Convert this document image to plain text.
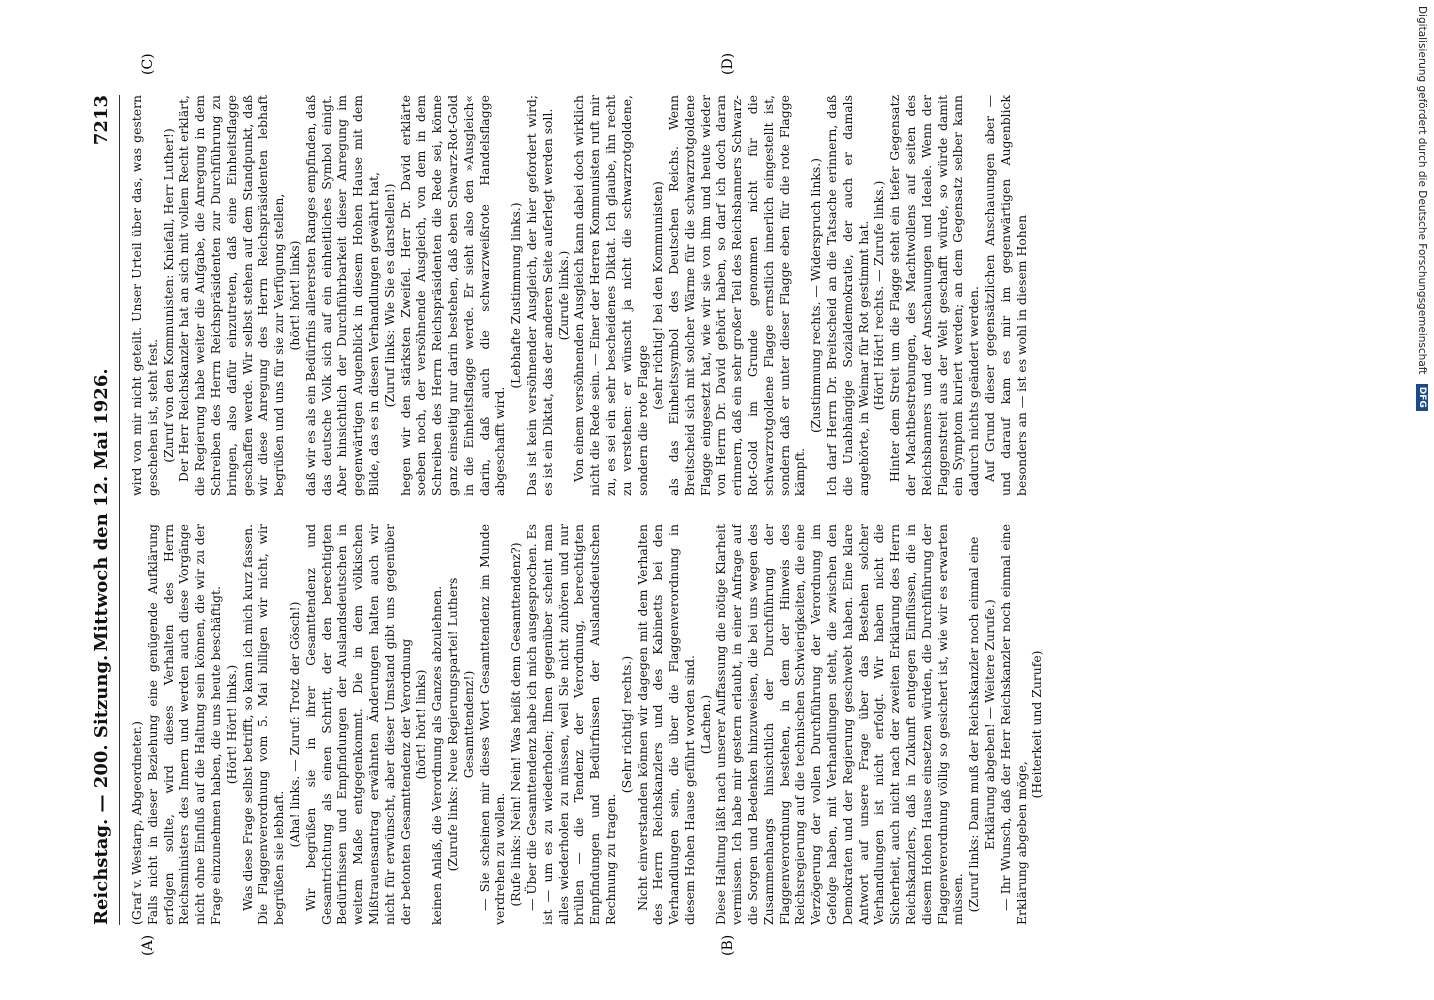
Reichstag. — 200. Sitzung.
Mittwoch den 12. Mai 1926.
7213

(Graf v. Westarp, Abgeordneter.) Falls nicht in dieser Beziehung eine genügende Aufklärung erfolgen sollte, wird dieses Verhalten des Herrn Reichsministers des Innern und werden auch diese Vorgänge nicht ohne Einfluß auf die Haltung sein können, die wir zu der Frage einzunehmen haben, die uns heute beschäftigt. (Hört! Hört! links.) Was diese Frage selbst betrifft, so kann ich mich kurz fassen. Die Flaggenverordnung vom 5. Mai billigen wir nicht, wir begrüßen sie lebhaft.

(Aha! links. — Zuruf: Trotz der Gösch!) Wir begrüßen sie in ihrer Gesamttendenz und Gesamtrichtung als einen Schritt, der den berechtigten Bedürfnissen und Empfindungen der Auslandsdeutschen in weitem Maße entgegenkommt. Die in dem völkischen Mißtrauensantrag erwähnten Änderungen halten auch wir nicht für erwünscht, aber dieser Umstand gibt uns gegenüber der betonten Gesamttendenz der Verordnung (hört! hört! links) keinen Anlaß, die Verordnung als Ganzes abzulehnen. (Zurufe links: Neue Regierungspartei! Luthers Gesamttendenz!) — Sie scheinen mir dieses Wort Gesamttendenz im Munde verdrehen zu wollen. (Rufe links: Nein! Nein! Was heißt denn Gesamttendenz?) — Über die Gesamttendenz habe ich mich ausgesprochen. Es ist — um es zu wiederholen; Ihnen gegenüber scheint man alles wiederholen zu müssen, weil Sie nicht zuhören und nur brüllen — die Tendenz der Verordnung, berechtigten Empfindungen und Bedürfnissen der Auslandsdeutschen Rechnung zu tragen.

(Sehr richtig! rechts.) Nicht einverstanden können wir dagegen mit dem Verhalten des Herrn Reichskanzlers und des Kabinetts bei den Verhandlungen sein, die über die Flaggenverordnung in diesem Hohen Hause geführt worden sind. (Lachen.) Diese Haltung läßt nach unserer Auffassung die nötige Klarheit vermissen. Ich habe mir gestern erlaubt, in einer Anfrage auf die Sorgen und Bedenken hinzuweisen, die bei uns wegen des Zusammenhangs hinsichtlich der Durchführung der Flaggenverordnung bestehen, in dem der Hinweis des Reichsregierung auf die technischen Schwierigkeiten, die eine Verzögerung der vollen Durchführung der Verordnung im Gefolge haben, mit Verhandlungen steht, die zwischen den Demokraten und der Regierung geschwebt haben. Eine klare Antwort auf unsere Frage über das Bestehen solcher Verhandlungen ist nicht erfolgt. Wir haben nicht die Sicherheit, auch nicht nach der zweiten Erklärung des Herrn Reichskanzlers, daß in Zukunft entgegen Einflüssen, die in diesem Hohen Hause einsetzen würden, die Durchführung der Flaggenverordnung völlig so gesichert ist, wie wir es erwarten müssen. (Zuruf links: Dann muß der Reichskanzler noch einmal eine Erklärung abgeben! — Weitere Zurufe.) — Ihr Wunsch, daß der Herr Reichskanzler noch einmal eine Erklärung abgeben möge,

(Heiterkeit und Zurufe)

wird von mir nicht geteilt. Unser Urteil über das, was gestern geschehen ist, steht fest. (Zuruf von den Kommunisten: Kniefall, Herr Luther!) Der Herr Reichskanzler hat an sich mit vollem Recht erklärt, die Regierung habe weiter die Aufgabe, die Anregung in dem Schreiben des Herrn Reichspräsidenten zur Durchführung zu bringen, also dafür einzutreten, daß eine Einheitsflagge geschaffen werde. Wir selbst stehen auf dem Standpunkt, daß wir diese Anregung des Herrn Reichspräsidenten lebhaft begrüßen und uns für sie zur Verfügung stellen, (hört! hört! links) daß wir es als ein Bedürfnis allerersten Ranges empfinden, daß das deutsche Volk sich auf ein einheitliches Symbol einigt. Aber hinsichtlich der Durchführbarkeit dieser Anregung im gegenwärtigen Augenblick in diesem Hohen Hause mit dem Bilde, das es in diesen Verhandlungen gewährt hat, (Zuruf links: Wie Sie es darstellen!) hegen wir den stärksten Zweifel. Herr Dr. David erklärte soeben noch, der versöhnende Ausgleich, von dem in dem Schreiben des Herrn Reichspräsidenten die Rede sei, könne ganz einseitig nur darin bestehen, daß eben Schwarz-Rot-Gold in die Einheitsflagge werde. Er sieht also den »Ausgleich« darin, daß auch die schwarzweißrote Handelsflagge abgeschafft wird.

(Lebhafte Zustimmung links.) Das ist kein versöhnender Ausgleich, der hier gefordert wird; es ist ein Diktat, das der anderen Seite auferlegt werden soll. (Zurufe links.) Von einem versöhnenden Ausgleich kann dabei doch wirklich nicht die Rede sein. — Einer der Herren Kommunisten ruft mir zu, es sei ein sehr bescheidenes Diktat. Ich glaube, ihn recht zu verstehen: er wünscht ja nicht die schwarzrotgoldene, sondern die rote Flagge

(sehr richtig! bei den Kommunisten) als das Einheitssymbol des Deutschen Reichs. Wenn Breitscheid sich mit solcher Wärme für die schwarzrotgoldene Flagge eingesetzt hat, wie wir sie von ihm und heute wieder von Herrn Dr. David gehört haben, so darf ich doch daran erinnern, daß ein sehr großer Teil des Reichsbanners Schwarz-Rot-Gold im Grunde genommen nicht für die schwarzrotgoldene Flagge ernstlich innerlich eingestellt ist, sondern daß er unter dieser Flagge eben für die rote Flagge kämpft.

(Zustimmung rechts. — Widerspruch links.) Ich darf Herrn Dr. Breitscheid an die Tatsache erinnern, daß die Unabhängige Sozialdemokratie, der auch er damals angehörte, in Weimar für Rot gestimmt hat. (Hört! Hört! rechts. — Zurufe links.) Hinter dem Streit um die Flagge steht ein tiefer Gegensatz der Machtbestrebungen, des Machtwollens auf seiten des Reichsbanners und der Anschauungen und Ideale. Wenn der Flaggenstreit aus der Welt geschafft würde, so würde damit ein Symptom kuriert werden; an dem Gegensatz selber kann dadurch nichts geändert werden. Auf Grund dieser gegensätzlichen Anschauungen aber — und darauf kam es mir im gegenwärtigen Augenblick besonders an — ist es wohl in diesem Hohen

(A)	(B)
(C)	(D)	Digitalisierung gefördert durch die Deutsche Forschungsgemeinschaft DFG
